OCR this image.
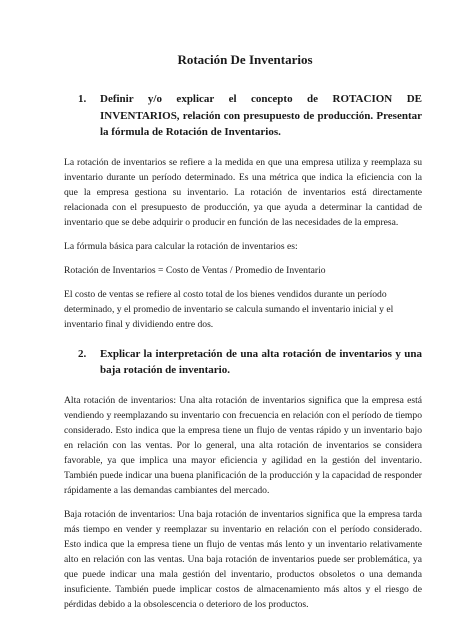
Rotación De Inventarios
1.	Definir y/o explicar el concepto de ROTACION DE INVENTARIOS, relación con presupuesto de producción. Presentar la fórmula de Rotación de Inventarios.

La rotación de inventarios se refiere a la medida en que una empresa utiliza y reemplaza su inventario durante un período determinado. Es una métrica que indica la eficiencia con la que la empresa gestiona su inventario. La rotación de inventarios está directamente relacionada con el presupuesto de producción, ya que ayuda a determinar la cantidad de inventario que se debe adquirir o producir en función de las necesidades de la empresa.

La fórmula básica para calcular la rotación de inventarios es:

Rotación de Inventarios = Costo de Ventas / Promedio de Inventario

El costo de ventas se refiere al costo total de los bienes vendidos durante un período determinado, y el promedio de inventario se calcula sumando el inventario inicial y el inventario final y dividiendo entre dos.

2.	Explicar la interpretación de una alta rotación de inventarios y una baja rotación de inventario.

Alta rotación de inventarios: Una alta rotación de inventarios significa que la empresa está vendiendo y reemplazando su inventario con frecuencia en relación con el período de tiempo considerado. Esto indica que la empresa tiene un flujo de ventas rápido y un inventario bajo en relación con las ventas. Por lo general, una alta rotación de inventarios se considera favorable, ya que implica una mayor eficiencia y agilidad en la gestión del inventario. También puede indicar una buena planificación de la producción y la capacidad de responder rápidamente a las demandas cambiantes del mercado.

Baja rotación de inventarios: Una baja rotación de inventarios significa que la empresa tarda más tiempo en vender y reemplazar su inventario en relación con el período considerado. Esto indica que la empresa tiene un flujo de ventas más lento y un inventario relativamente alto en relación con las ventas. Una baja rotación de inventarios puede ser problemática, ya que puede indicar una mala gestión del inventario, productos obsoletos o una demanda insuficiente. También puede implicar costos de almacenamiento más altos y el riesgo de pérdidas debido a la obsolescencia o deterioro de los productos.
